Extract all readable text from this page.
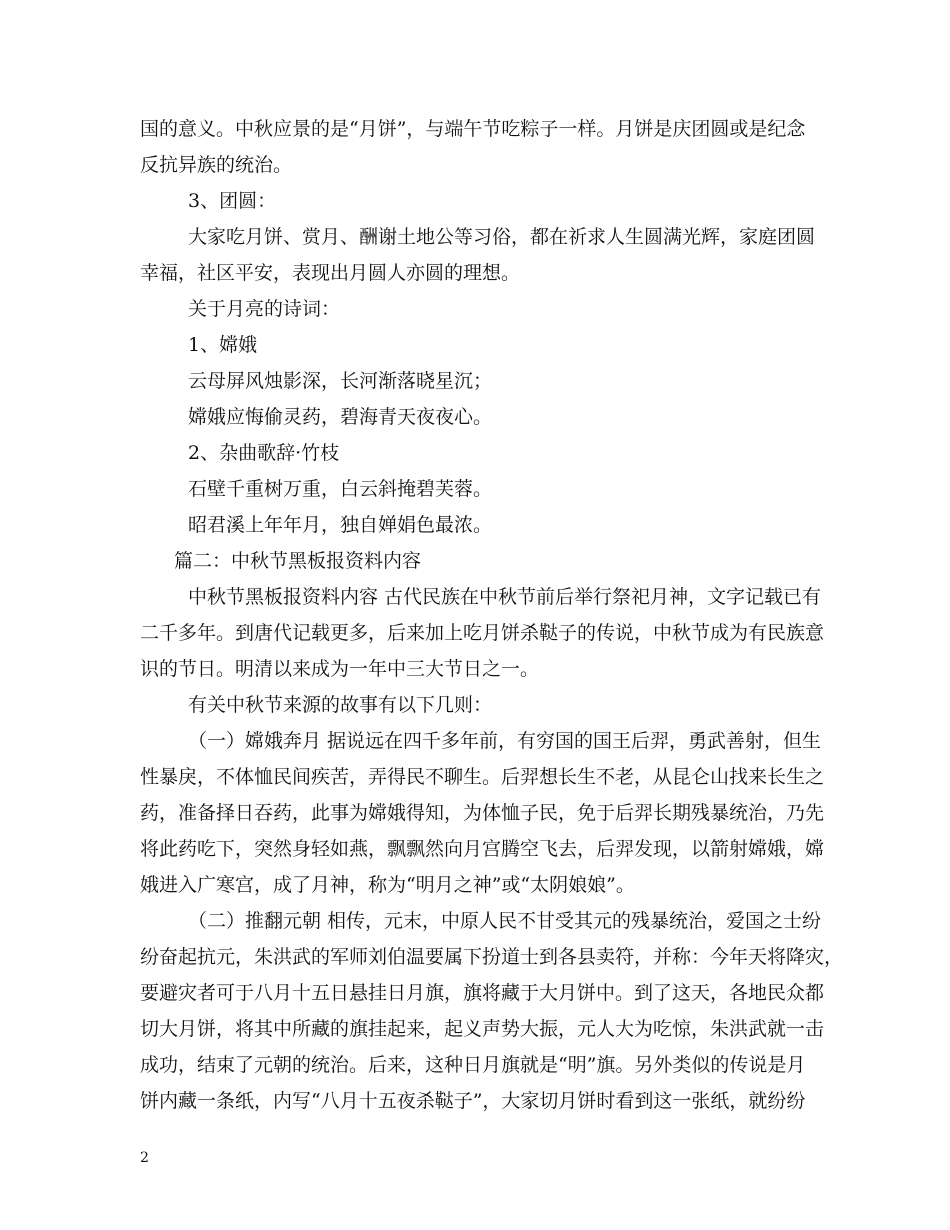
国的意义。中秋应景的是“月饼”，与端午节吃粽子一样。月饼是庆团圆或是纪念
反抗异族的统治。
3、团圆：
大家吃月饼、赏月、酬谢土地公等习俗，都在祈求人生圆满光辉，家庭团圆
幸福，社区平安，表现出月圆人亦圆的理想。
关于月亮的诗词：
1、嫦娥
云母屏风烛影深，长河渐落晓星沉；
嫦娥应悔偷灵药，碧海青天夜夜心。
2、杂曲歌辞·竹枝
石壁千重树万重，白云斜掩碧芙蓉。
昭君溪上年年月，独自婵娟色最浓。
篇二：中秋节黑板报资料内容
中秋节黑板报资料内容 古代民族在中秋节前后举行祭祀月神，文字记载已有
二千多年。到唐代记载更多，后来加上吃月饼杀鞑子的传说，中秋节成为有民族意
识的节日。明清以来成为一年中三大节日之一。
有关中秋节来源的故事有以下几则：
（一）嫦娥奔月 据说远在四千多年前，有穷国的国王后羿，勇武善射，但生
性暴戾，不体恤民间疾苦，弄得民不聊生。后羿想长生不老，从昆仑山找来长生之
药，准备择日吞药，此事为嫦娥得知，为体恤子民，免于后羿长期残暴统治，乃先
将此药吃下，突然身轻如燕，飘飘然向月宫腾空飞去，后羿发现，以箭射嫦娥，嫦
娥进入广寒宫，成了月神，称为“明月之神”或“太阴娘娘”。
（二）推翻元朝 相传，元末，中原人民不甘受其元的残暴统治，爱国之士纷
纷奋起抗元，朱洪武的军师刘伯温要属下扮道士到各县卖符，并称：今年天将降灾，
要避灾者可于八月十五日悬挂日月旗，旗将藏于大月饼中。到了这天，各地民众都
切大月饼，将其中所藏的旗挂起来，起义声势大振，元人大为吃惊，朱洪武就一击
成功，结束了元朝的统治。后来，这种日月旗就是“明”旗。另外类似的传说是月
饼内藏一条纸，内写“八月十五夜杀鞑子”，大家切月饼时看到这一张纸，就纷纷
2
